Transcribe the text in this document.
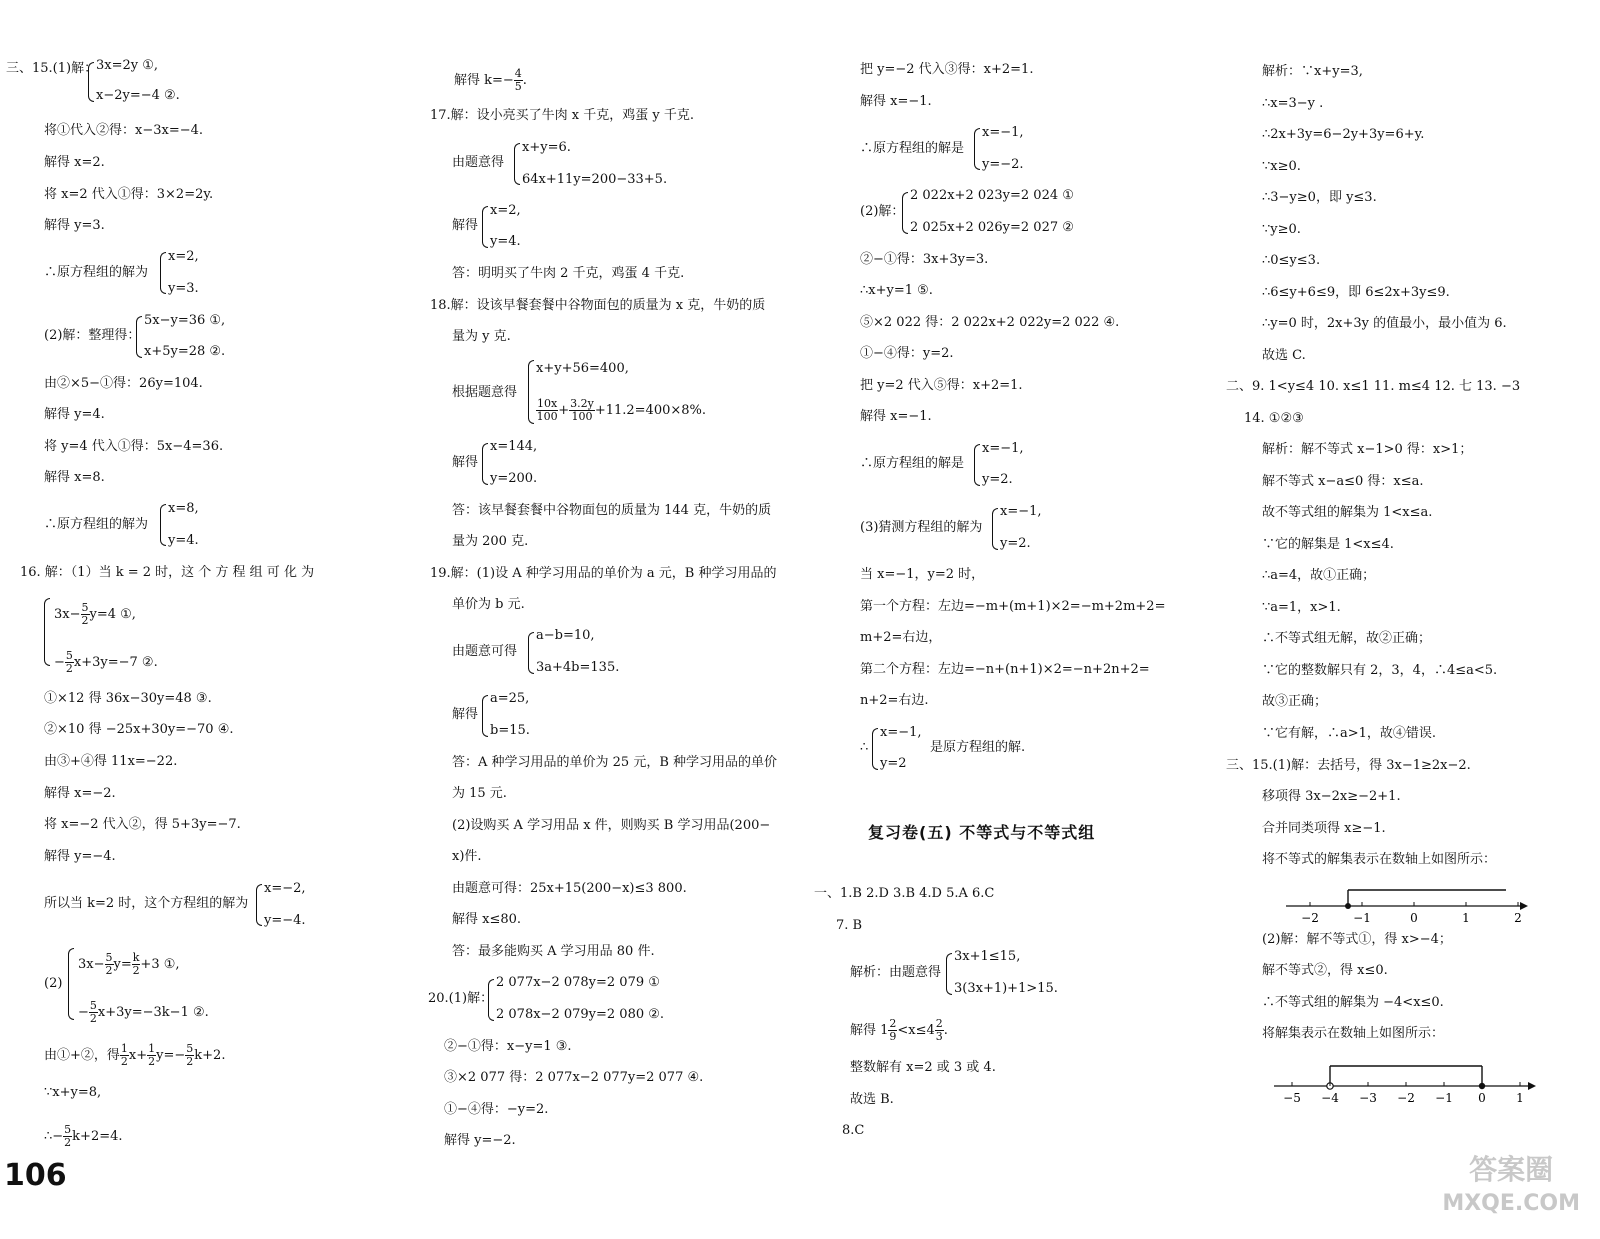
三、15.(1)解：
3x=2y ①,
x−2y=−4 ②.
将①代入②得：x−3x=−4.
解得 x=2.
将 x=2 代入①得：3×2=2y.
解得 y=3.
∴原方程组的解为
x=2,
y=3.
(2)解：整理得：
5x−y=36 ①,
x+5y=28 ②.
由②×5−①得：26y=104.
解得 y=4.
将 y=4 代入①得：5x−4=36.
解得 x=8.
∴原方程组的解为
x=8,
y=4.
16. 解：（1）当 k = 2 时，这 个 方 程 组 可 化 为
$3x- \frac{5}{2} y=4$ ①,
− $\frac{5}{2} x+3y=-7$ ②.
①×12 得 36x−30y=48 ③.
②×10 得 −25x+30y=−70 ④.
由③+④得 11x=−22.
解得 x=−2.
将 x=−2 代入②，得 5+3y=−7.
解得 y=−4.
所以当 k=2 时，这个方程组的解为
x=−2,
y=−4.
(2)
$3x- \frac{5}{2} y= \frac{k}{2} +3$ ①,
− $\frac{5}{2} x+3y=-3k-1$ ②.
由①+②，得 $\frac{1}{2} x+ \frac{1}{2} y=- \frac{5}{2} k+2$.
∵x+y=8,
∴− $\frac{5}{2} k+2=4$.
106
解得 $k=- \frac{4}{5}$ .
17.解：设小亮买了牛肉 x 千克，鸡蛋 y 千克.
由题意得
x+y=6.
64x+11y=200−33+5.
解得
x=2,
y=4.
答：明明买了牛肉 2 千克，鸡蛋 4 千克.
18.解：设该早餐套餐中谷物面包的质量为 x 克，牛奶的质
量为 y 克.
根据题意得
x+y+56=400,
$\frac{10x}{100} + \frac{3.2y}{100} +11.2=400\times 8\%$.
解得
x=144,
y=200.
答：该早餐套餐中谷物面包的质量为 144 克，牛奶的质
量为 200 克.
19.解：(1)设 A 种学习用品的单价为 a 元，B 种学习用品的
单价为 b 元.
由题意可得
a−b=10,
3a+4b=135.
解得
a=25,
b=15.
答：A 种学习用品的单价为 25 元，B 种学习用品的单价
为 15 元.
(2)设购买 A 学习用品 x 件，则购买 B 学习用品(200−
x)件.
由题意可得：25x+15(200−x)≤3 800.
解得 x≤80.
答：最多能购买 A 学习用品 80 件.
20.(1)解：
2 077x−2 078y=2 079 ①
2 078x−2 079y=2 080 ②.
②−①得：x−y=1 ③.
③×2 077 得：2 077x−2 077y=2 077 ④.
①−④得：−y=2.
解得 y=−2.
把 y=−2 代入③得：x+2=1.
解得 x=−1.
∴原方程组的解是
x=−1,
y=−2.
(2)解：
2 022x+2 023y=2 024 ①
2 025x+2 026y=2 027 ②
②−①得：3x+3y=3.
∴x+y=1 ⑤.
⑤×2 022 得：2 022x+2 022y=2 022 ④.
①−④得：y=2.
把 y=2 代入⑤得：x+2=1.
解得 x=−1.
∴原方程组的解是
x=−1,
y=2.
(3)猜测方程组的解为
x=−1,
y=2.
当 x=−1，y=2 时，
第一个方程：左边=−m+(m+1)×2=−m+2m+2=
m+2=右边，
第二个方程：左边=−n+(n+1)×2=−n+2n+2=
n+2=右边.
∴
x=−1,
y=2
是原方程组的解.
复习卷(五) 不等式与不等式组
一、1.B 2.D 3.B 4.D 5.A 6.C
7. B
解析：由题意得
3x+1≤15,
3(3x+1)+1>15.
解得 $1 \frac{2}{9} <x\le 4 \frac{2}{3}$ .
整数解有 x=2 或 3 或 4.
故选 B.
8.C
解析：∵x+y=3,
∴x=3−y .
∴2x+3y=6−2y+3y=6+y.
∵x≥0.
∴3−y≥0，即 y≤3.
∵y≥0.
∴0≤y≤3.
∴6≤y+6≤9，即 6≤2x+3y≤9.
∴y=0 时，2x+3y 的值最小，最小值为 6.
故选 C.
二、9. 1<y≤4 10. x≤1 11. m≤4 12. 七 13. −3
14. ①②③
解析：解不等式 x−1>0 得：x>1；
解不等式 x−a≤0 得：x≤a.
故不等式组的解集为 1<x≤a.
∵它的解集是 1<x≤4.
∴a=4，故①正确；
∵a=1，x>1.
∴不等式组无解，故②正确；
∵它的整数解只有 2，3，4，∴4≤a<5.
故③正确；
∵它有解，∴a>1，故④错误.
三、15.(1)解：去括号，得 3x−1≥2x−2.
移项得 3x−2x≥−2+1.
合并同类项得 x≥−1.
将不等式的解集表示在数轴上如图所示：
−2	−1	0	1	2
(2)解：解不等式①，得 x>−4；
解不等式②，得 x≤0.
∴不等式组的解集为 −4<x≤0.
将解集表示在数轴上如图所示：
−5 −4 −3 −2 −1 0	1
答案圈
MXQE.COM
